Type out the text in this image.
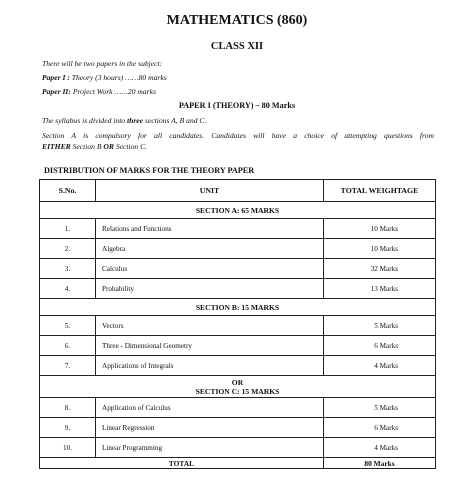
MATHEMATICS (860)
CLASS XII
There will be two papers in the subject:
Paper I : Theory (3 hours) ……80 marks
Paper II: Project Work ……20 marks
PAPER I (THEORY) – 80 Marks
The syllabus is divided into three sections A, B and C.
Section A is compulsory for all candidates. Candidates will have a choice of attempting questions from
EITHER Section B OR Section C.
DISTRIBUTION OF MARKS FOR THE THEORY PAPER
S.No.	UNIT	TOTAL WEIGHTAGE
SECTION A: 65 MARKS		
1.	Relations and Functions	10 Marks
2.	Algebra	10 Marks
3.	Calculus	32 Marks
4.	Probability	13 Marks
SECTION B: 15 MARKS		
5.	Vectors	5 Marks
6.	Three - Dimensional Geometry	6 Marks
7.	Applications of Integrals	4 Marks
OR
SECTION C: 15 MARKS		
8.	Application of Calculus	5 Marks
9.	Linear Regression	6 Marks
10.	Linear Programming	4 Marks
TOTAL		80 Marks
